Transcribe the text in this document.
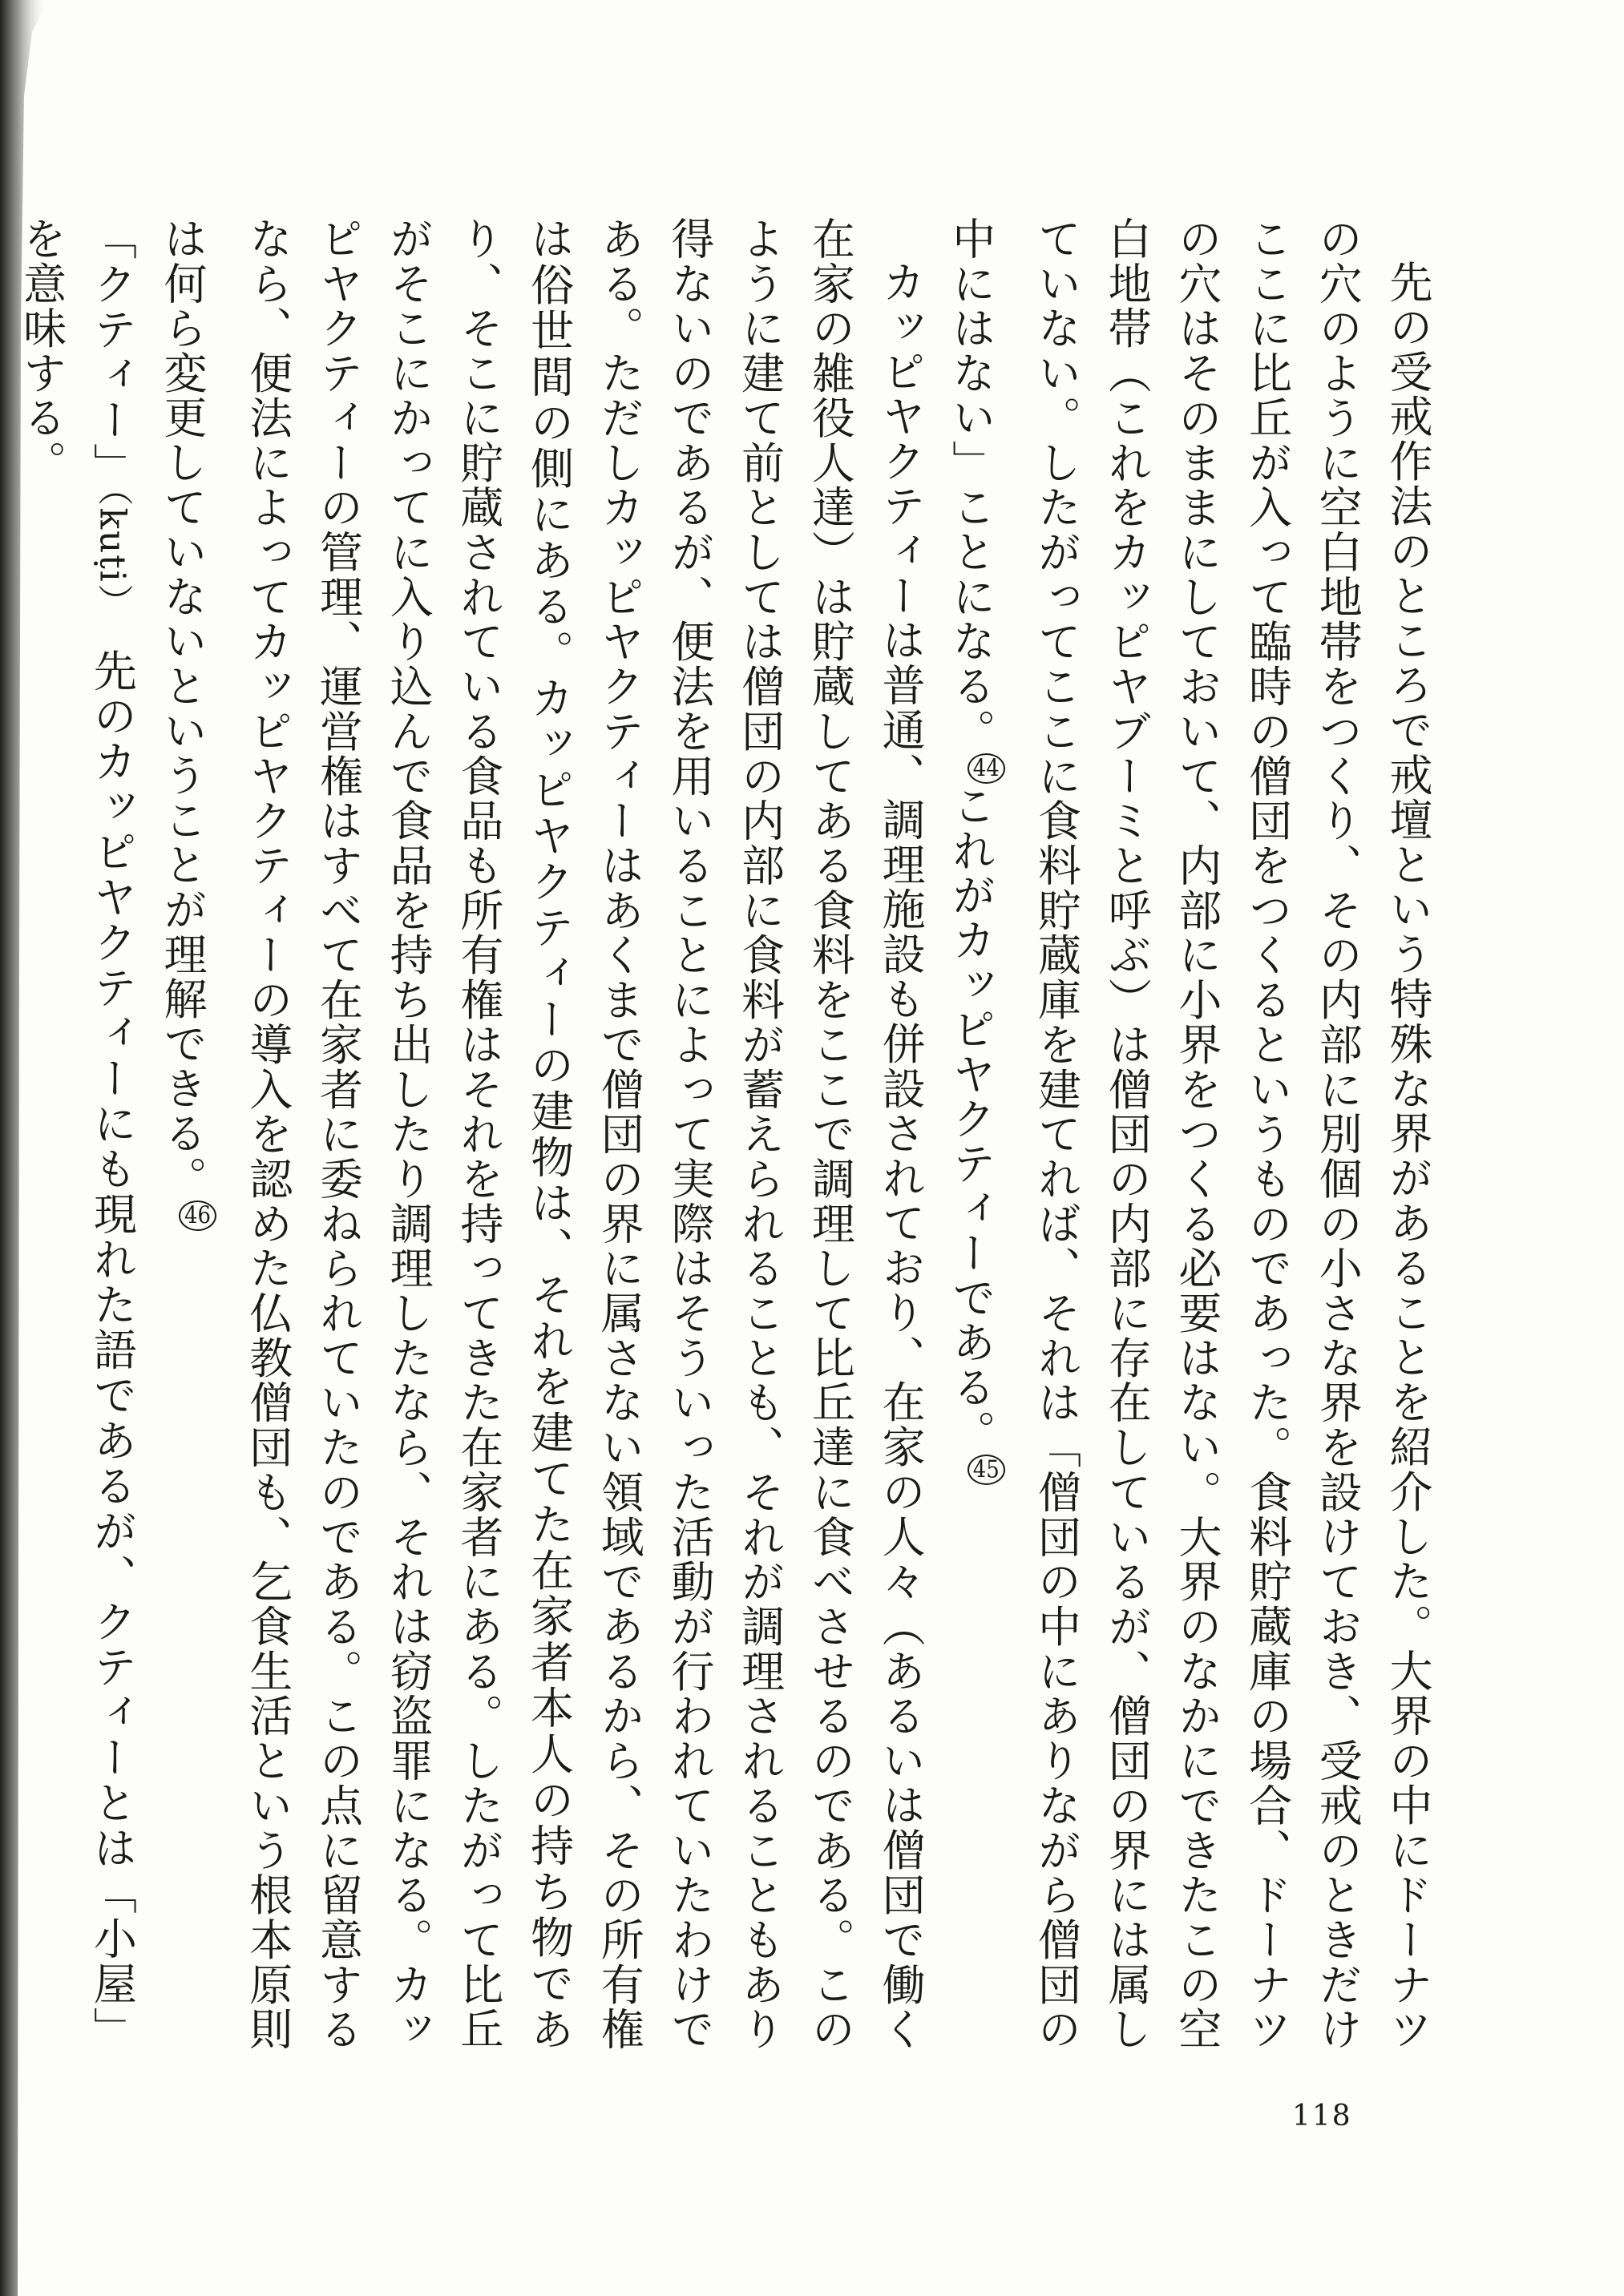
先の受戒作法のところで戒壇という特殊な界があることを紹介した。大界の中にドーナツの穴のように空白地帯をつくり、その内部に別個の小さな界を設けておき、受戒のときだけここに比丘が入って臨時の僧団をつくるというものであった。食料貯蔵庫の場合、ドーナツの穴はそのままにしておいて、内部に小界をつくる必要はない。大界のなかにできたこの空白地帯（これをカッピヤブーミと呼ぶ）は僧団の内部に存在しているが、僧団の界には属していない。したがってここに食料貯蔵庫を建てれば、それは「僧団の中にありながら僧団の中にはない」ことになる。$^{44}$これがカッピヤクティーである。$^{45}$

カッピヤクティーは普通、調理施設も併設されており、在家の人々（あるいは僧団で働く在家の雑役人達）は貯蔵してある食料をここで調理して比丘達に食べさせるのである。このように建て前としては僧団の内部に食料が蓄えられることも、それが調理されることもあり得ないのであるが、便法を用いることによって実際はそういった活動が行われていたわけである。ただしカッピヤクティーはあくまで僧団の界に属さない領域であるから、その所有権は俗世間の側にある。カッピヤクティーの建物は、それを建てた在家者本人の持ち物であり、そこに貯蔵されている食品も所有権はそれを持ってきた在家者にある。したがって比丘がそこにかってに入り込んで食品を持ち出したり調理したなら、それは窃盗罪になる。カッピヤクティーの管理、運営権はすべて在家者に委ねられていたのである。この点に留意するなら、便法によってカッピヤクティーの導入を認めた仏教僧団も、乞食生活という根本原則は何ら変更していないということが理解できる。$^{46}$

「クティー」（kuṭi）　先のカッピヤクティーにも現れた語であるが、クティーとは「小屋」を意味する。

118
